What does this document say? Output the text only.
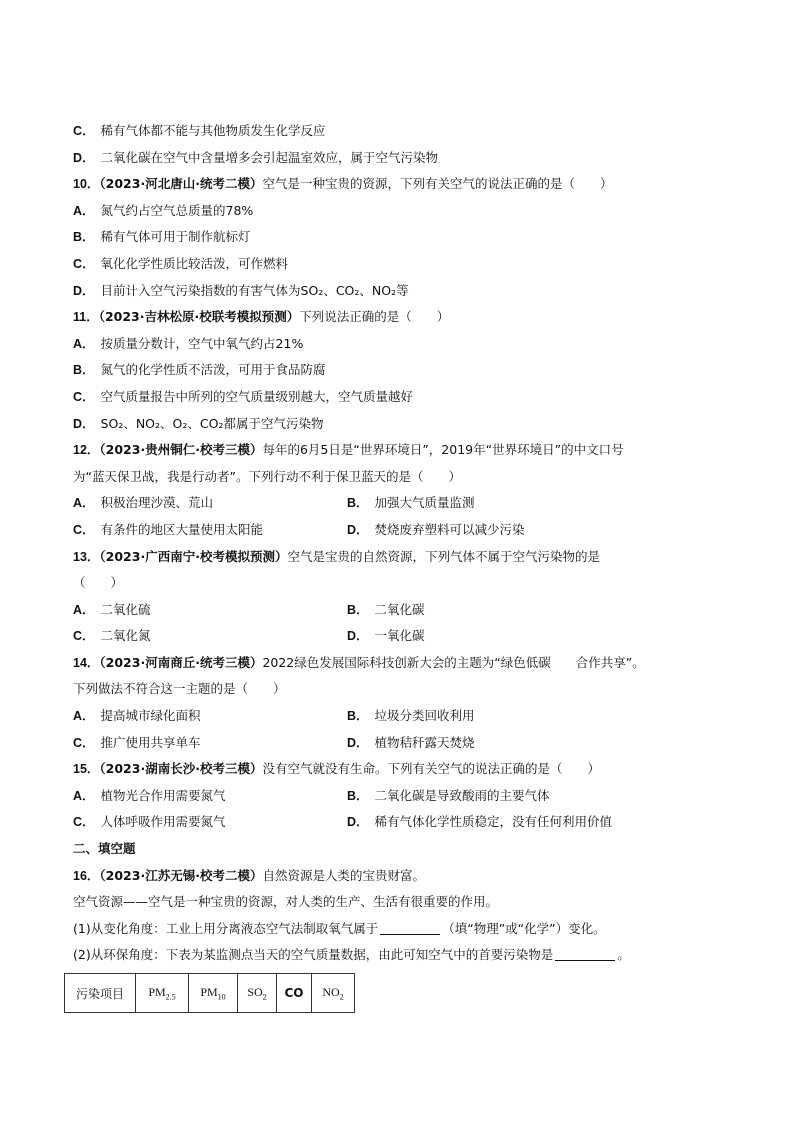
C． 稀有气体都不能与其他物质发生化学反应
D． 二氧化碳在空气中含量增多会引起温室效应，属于空气污染物
10．（2023·河北唐山·统考二模）空气是一种宝贵的资源，下列有关空气的说法正确的是（　　）
A． 氮气约占空气总质量的78%
B． 稀有气体可用于制作航标灯
C． 氧化化学性质比较活泼，可作燃料
D． 目前计入空气污染指数的有害气体为SO₂、CO₂、NO₂等
11．（2023·吉林松原·校联考模拟预测）下列说法正确的是（　　）
A． 按质量分数计，空气中氧气约占21%
B． 氮气的化学性质不活泼，可用于食品防腐
C． 空气质量报告中所列的空气质量级别越大，空气质量越好
D． SO₂、NO₂、O₂、CO₂都属于空气污染物
12．（2023·贵州铜仁·校考三模）每年的6月5日是“世界环境日”，2019年“世界环境日”的中文口号
为“蓝天保卫战，我是行动者”。下列行动不利于保卫蓝天的是（　　）
A． 积极治理沙漠、荒山	B． 加强大气质量监测
C． 有条件的地区大量使用太阳能	D． 焚烧废弃塑料可以减少污染
13．（2023·广西南宁·校考模拟预测）空气是宝贵的自然资源，下列气体不属于空气污染物的是
（　　）
A． 二氧化硫	B． 二氧化碳
C． 二氧化氮	D． 一氧化碳
14．（2023·河南商丘·统考三模）2022绿色发展国际科技创新大会的主题为“绿色低碳　　合作共享”。
下列做法不符合这一主题的是（　　）
A． 提高城市绿化面积	B． 垃圾分类回收利用
C． 推广使用共享单车	D． 植物秸秆露天焚烧
15．（2023·湖南长沙·校考三模）没有空气就没有生命。下列有关空气的说法正确的是（　　）
A． 植物光合作用需要氮气	B． 二氧化碳是导致酸雨的主要气体
C． 人体呼吸作用需要氮气	D． 稀有气体化学性质稳定，没有任何利用价值
二、填空题
16．（2023·江苏无锡·校考二模）自然资源是人类的宝贵财富。
空气资源——空气是一种宝贵的资源，对人类的生产、生活有很重要的作用。
(1)从变化角度：工业上用分离液态空气法制取氧气属于	（填“物理”或“化学”）变化。
(2)从环保角度：下表为某监测点当天的空气质量数据，由此可知空气中的首要污染物是	。
污染项目	$PM_{2.5}$	$PM_{10}$	$SO_2$	CO	$NO_2$
